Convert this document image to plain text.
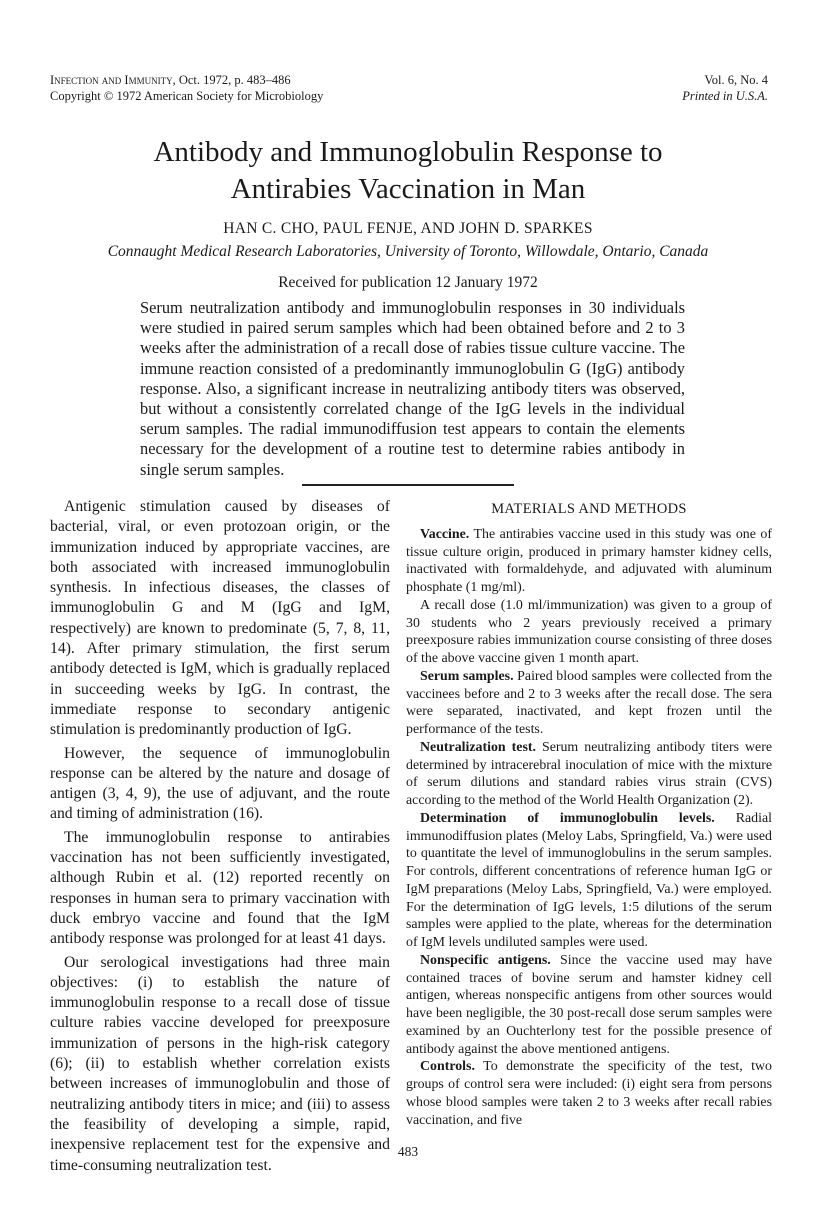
Infection and Immunity, Oct. 1972, p. 483–486
Copyright © 1972 American Society for Microbiology
Vol. 6, No. 4
Printed in U.S.A.
Antibody and Immunoglobulin Response to
Antirabies Vaccination in Man
HAN C. CHO, PAUL FENJE, AND JOHN D. SPARKES
Connaught Medical Research Laboratories, University of Toronto, Willowdale, Ontario, Canada
Received for publication 12 January 1972

Serum neutralization antibody and immunoglobulin responses in 30 individuals were studied in paired serum samples which had been obtained before and 2 to 3 weeks after the administration of a recall dose of rabies tissue culture vaccine. The immune reaction consisted of a predominantly immunoglobulin G (IgG) antibody response. Also, a significant increase in neutralizing antibody titers was observed, but without a consistently correlated change of the IgG levels in the individual serum samples. The radial immunodiffusion test appears to contain the elements necessary for the development of a routine test to determine rabies antibody in single serum samples.

Antigenic stimulation caused by diseases of bacterial, viral, or even protozoan origin, or the immunization induced by appropriate vaccines, are both associated with increased immunoglobulin synthesis. In infectious diseases, the classes of immunoglobulin G and M (IgG and IgM, respectively) are known to predominate (5, 7, 8, 11, 14). After primary stimulation, the first serum antibody detected is IgM, which is gradually replaced in succeeding weeks by IgG. In contrast, the immediate response to secondary antigenic stimulation is predominantly production of IgG.

However, the sequence of immunoglobulin response can be altered by the nature and dosage of antigen (3, 4, 9), the use of adjuvant, and the route and timing of administration (16).

The immunoglobulin response to antirabies vaccination has not been sufficiently investigated, although Rubin et al. (12) reported recently on responses in human sera to primary vaccination with duck embryo vaccine and found that the IgM antibody response was prolonged for at least 41 days.

Our serological investigations had three main objectives: (i) to establish the nature of immunoglobulin response to a recall dose of tissue culture rabies vaccine developed for preexposure immunization of persons in the high-risk category (6); (ii) to establish whether correlation exists between increases of immunoglobulin and those of neutralizing antibody titers in mice; and (iii) to assess the feasibility of developing a simple, rapid, inexpensive replacement test for the expensive and time-consuming neutralization test.

MATERIALS AND METHODS

Vaccine. The antirabies vaccine used in this study was one of tissue culture origin, produced in primary hamster kidney cells, inactivated with formaldehyde, and adjuvated with aluminum phosphate (1 mg/ml).

A recall dose (1.0 ml/immunization) was given to a group of 30 students who 2 years previously received a primary preexposure rabies immunization course consisting of three doses of the above vaccine given 1 month apart.

Serum samples. Paired blood samples were collected from the vaccinees before and 2 to 3 weeks after the recall dose. The sera were separated, inactivated, and kept frozen until the performance of the tests.

Neutralization test. Serum neutralizing antibody titers were determined by intracerebral inoculation of mice with the mixture of serum dilutions and standard rabies virus strain (CVS) according to the method of the World Health Organization (2).

Determination of immunoglobulin levels. Radial immunodiffusion plates (Meloy Labs, Springfield, Va.) were used to quantitate the level of immunoglobulins in the serum samples. For controls, different concentrations of reference human IgG or IgM preparations (Meloy Labs, Springfield, Va.) were employed. For the determination of IgG levels, 1:5 dilutions of the serum samples were applied to the plate, whereas for the determination of IgM levels undiluted samples were used.

Nonspecific antigens. Since the vaccine used may have contained traces of bovine serum and hamster kidney cell antigen, whereas nonspecific antigens from other sources would have been negligible, the 30 post-recall dose serum samples were examined by an Ouchterlony test for the possible presence of antibody against the above mentioned antigens.

Controls. To demonstrate the specificity of the test, two groups of control sera were included: (i) eight sera from persons whose blood samples were taken 2 to 3 weeks after recall rabies vaccination, and five

483
